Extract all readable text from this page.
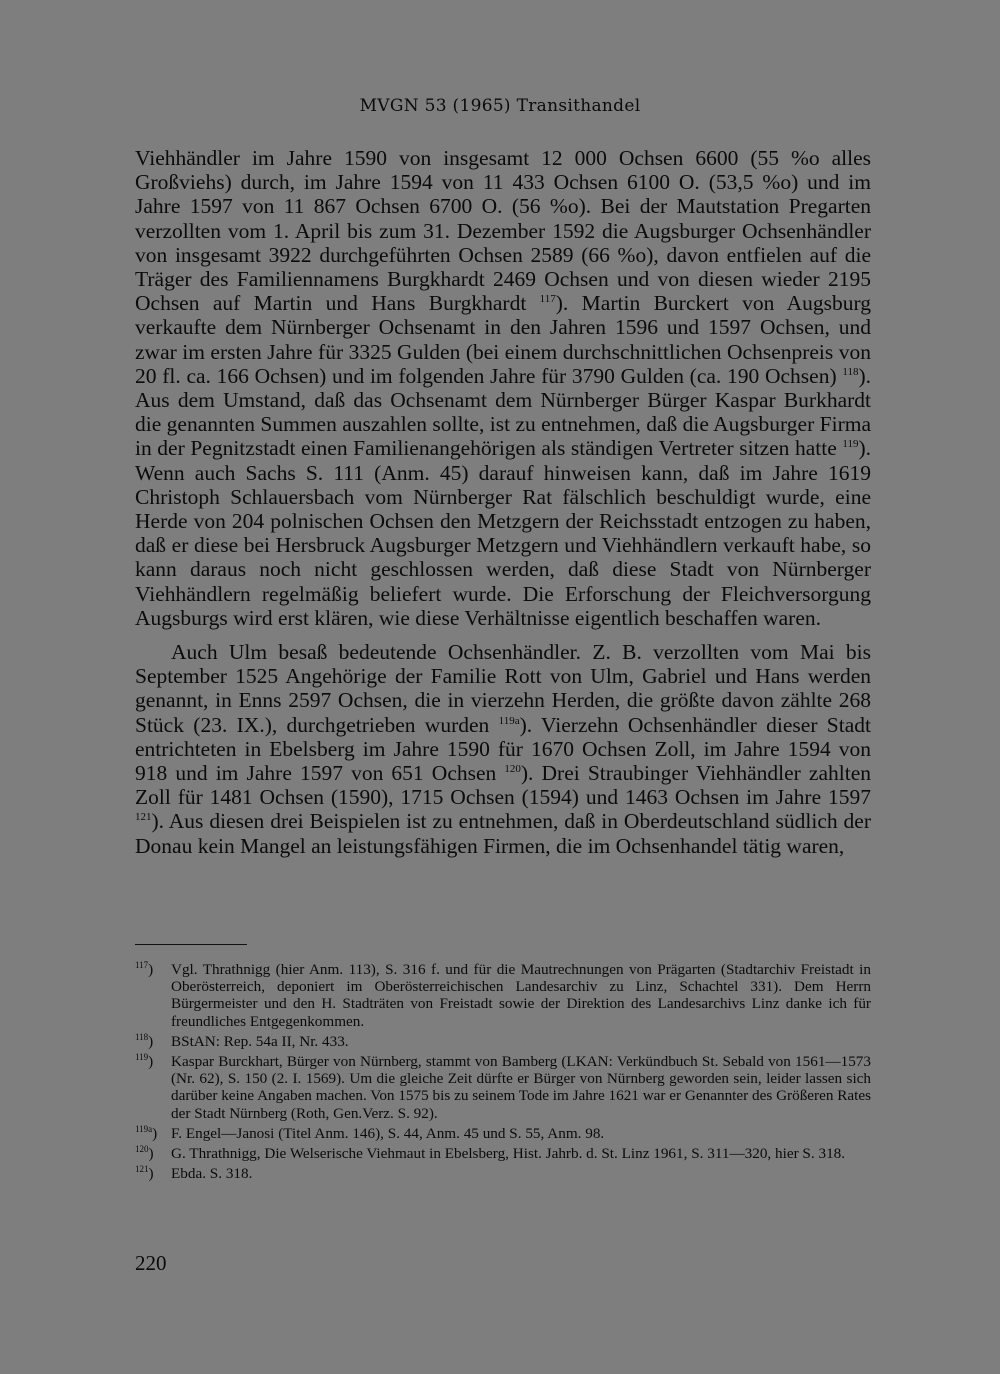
MVGN 53 (1965) Transithandel

Viehhändler im Jahre 1590 von insgesamt 12 000 Ochsen 6600 (55 %o alles Großviehs) durch, im Jahre 1594 von 11 433 Ochsen 6100 O. (53,5 %o) und im Jahre 1597 von 11 867 Ochsen 6700 O. (56 %o). Bei der Mautstation Pregarten verzollten vom 1. April bis zum 31. Dezember 1592 die Augsburger Ochsenhändler von insgesamt 3922 durchgeführten Ochsen 2589 (66 %o), davon entfielen auf die Träger des Familiennamens Burgkhardt 2469 Ochsen und von diesen wieder 2195 Ochsen auf Martin und Hans Burgkhardt $^{117}$). Martin Burckert von Augsburg verkaufte dem Nürnberger Ochsenamt in den Jahren 1596 und 1597 Ochsen, und zwar im ersten Jahre für 3325 Gulden (bei einem durchschnittlichen Ochsenpreis von 20 fl. ca. 166 Ochsen) und im folgenden Jahre für 3790 Gulden (ca. 190 Ochsen) $^{118}$). Aus dem Umstand, daß das Ochsenamt dem Nürnberger Bürger Kaspar Burkhardt die genannten Summen auszahlen sollte, ist zu entnehmen, daß die Augsburger Firma in der Pegnitzstadt einen Familienangehörigen als ständigen Vertreter sitzen hatte $^{119}$). Wenn auch Sachs S. 111 (Anm. 45) darauf hinweisen kann, daß im Jahre 1619 Christoph Schlauersbach vom Nürnberger Rat fälschlich beschuldigt wurde, eine Herde von 204 polnischen Ochsen den Metzgern der Reichsstadt entzogen zu haben, daß er diese bei Hersbruck Augsburger Metzgern und Viehhändlern verkauft habe, so kann daraus noch nicht geschlossen werden, daß diese Stadt von Nürnberger Viehhändlern regelmäßig beliefert wurde. Die Erforschung der Fleichversorgung Augsburgs wird erst klären, wie diese Verhältnisse eigentlich beschaffen waren.

Auch Ulm besaß bedeutende Ochsenhändler. Z. B. verzollten vom Mai bis September 1525 Angehörige der Familie Rott von Ulm, Gabriel und Hans werden genannt, in Enns 2597 Ochsen, die in vierzehn Herden, die größte davon zählte 268 Stück (23. IX.), durchgetrieben wurden $^{119a}$). Vierzehn Ochsenhändler dieser Stadt entrichteten in Ebelsberg im Jahre 1590 für 1670 Ochsen Zoll, im Jahre 1594 von 918 und im Jahre 1597 von 651 Ochsen $^{120}$). Drei Straubinger Viehhändler zahlten Zoll für 1481 Ochsen (1590), 1715 Ochsen (1594) und 1463 Ochsen im Jahre 1597 $^{121}$). Aus diesen drei Beispielen ist zu entnehmen, daß in Oberdeutschland südlich der Donau kein Mangel an leistungsfähigen Firmen, die im Ochsenhandel tätig waren,

$^{117}$)	Vgl. Thrathnigg (hier Anm. 113), S. 316 f. und für die Mautrechnungen von Prägarten (Stadtarchiv Freistadt in Oberösterreich, deponiert im Oberösterreichischen Landesarchiv zu Linz, Schachtel 331). Dem Herrn Bürgermeister und den H. Stadträten von Freistadt sowie der Direktion des Landesarchivs Linz danke ich für freundliches Entgegenkommen.
$^{118}$)	BStAN: Rep. 54a II, Nr. 433.
$^{119}$)	Kaspar Burckhart, Bürger von Nürnberg, stammt von Bamberg (LKAN: Verkündbuch St. Sebald von 1561—1573 (Nr. 62), S. 150 (2. I. 1569). Um die gleiche Zeit dürfte er Bürger von Nürnberg geworden sein, leider lassen sich darüber keine Angaben machen. Von 1575 bis zu seinem Tode im Jahre 1621 war er Genannter des Größeren Rates der Stadt Nürnberg (Roth, Gen.Verz. S. 92).
$^{119a}$) F. Engel—Janosi (Titel Anm. 146), S. 44, Anm. 45 und S. 55, Anm. 98.
$^{120}$)	G. Thrathnigg, Die Welserische Viehmaut in Ebelsberg, Hist. Jahrb. d. St. Linz 1961, S. 311—320, hier S. 318.
$^{121}$)	Ebda. S. 318.
220
